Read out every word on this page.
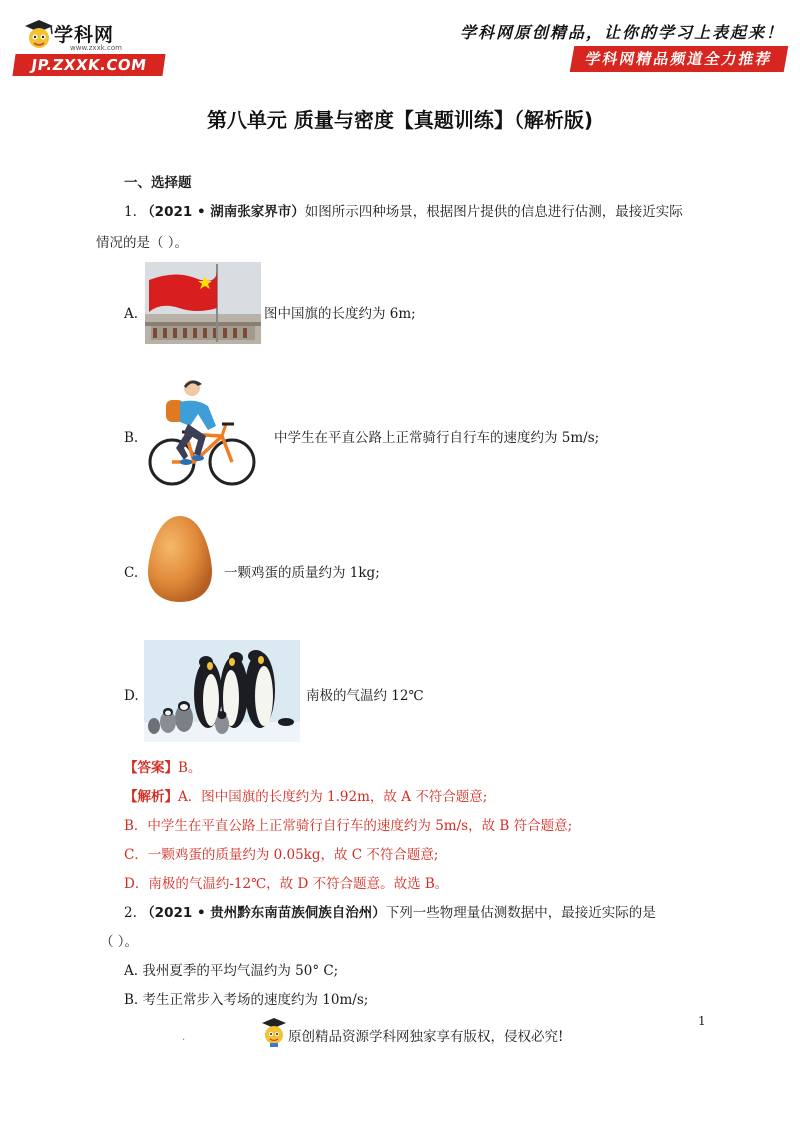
学科网
www.zxxk.com
JP.ZXXK.COM
学科网原创精品，让你的学习上表起来！
学科网精品频道全力推荐
第八单元 质量与密度【真题训练】（解析版)
一、选择题
1. （2021 • 湖南张家界市）如图所示四种场景，根据图片提供的信息进行估测，最接近实际
情况的是（ ）。
A.	图中国旗的长度约为 6m;
B.	中学生在平直公路上正常骑行自行车的速度约为 5m/s;
C.	一颗鸡蛋的质量约为 1kg;
D.	南极的气温约 12℃
【答案】B。
【解析】A．图中国旗的长度约为 1.92m，故 A 不符合题意;
B．中学生在平直公路上正常骑行自行车的速度约为 5m/s，故 B 符合题意;
C．一颗鸡蛋的质量约为 0.05kg，故 C 不符合题意;
D．南极的气温约-12℃，故 D 不符合题意。故选 B。
2. （2021 • 贵州黔东南苗族侗族自治州）下列一些物理量估测数据中，最接近实际的是
（ ）。
A. 我州夏季的平均气温约为 50° C;
B. 考生正常步入考场的速度约为 10m/s;
.	原创精品资源学科网独家享有版权，侵权必究!
1
